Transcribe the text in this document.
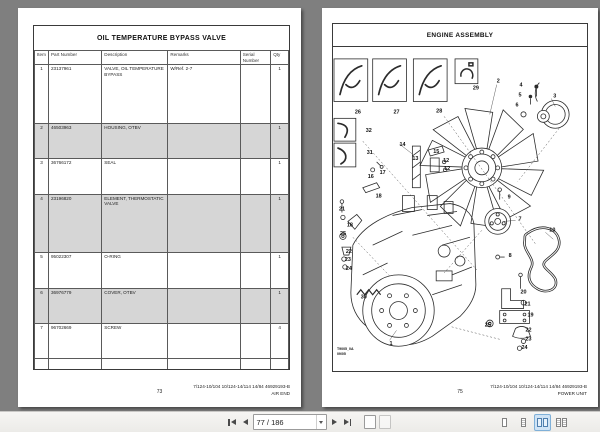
OIL TEMPERATURE BYPASS VALVE
Item	Part Number	Description	Remarks	Serial Number	Qty
1	23137961	VALVE, OIL TEMPERATURE BYPASS	W/Ref. 2-7		1
2	46503963	HOUSING, OTBV			1
3	36766172	SEAL			1
4	23196820	ELEMENT, THERMOSTATIC VALVE			1
5	95022307	O-RING			1
6	36976779	COVER, OTBV			1
7	96702669	SCREW			4

73
7/124-10/104 10/124-14/114 14/84 46929193-B
AIR END
ENGINE ASSEMBLY
T9005_0A
09/05
26	27	28
29
2
4
5	3
6
32
31
14
15
13	12
12
17
16
18	9
21
18
25
22
23
24
30
1
7
10
8
20
21
19
25
22
23
24
75
7/124-10/104 10/124-14/114 14/84 46929193-B
POWER UNIT
77 / 186
